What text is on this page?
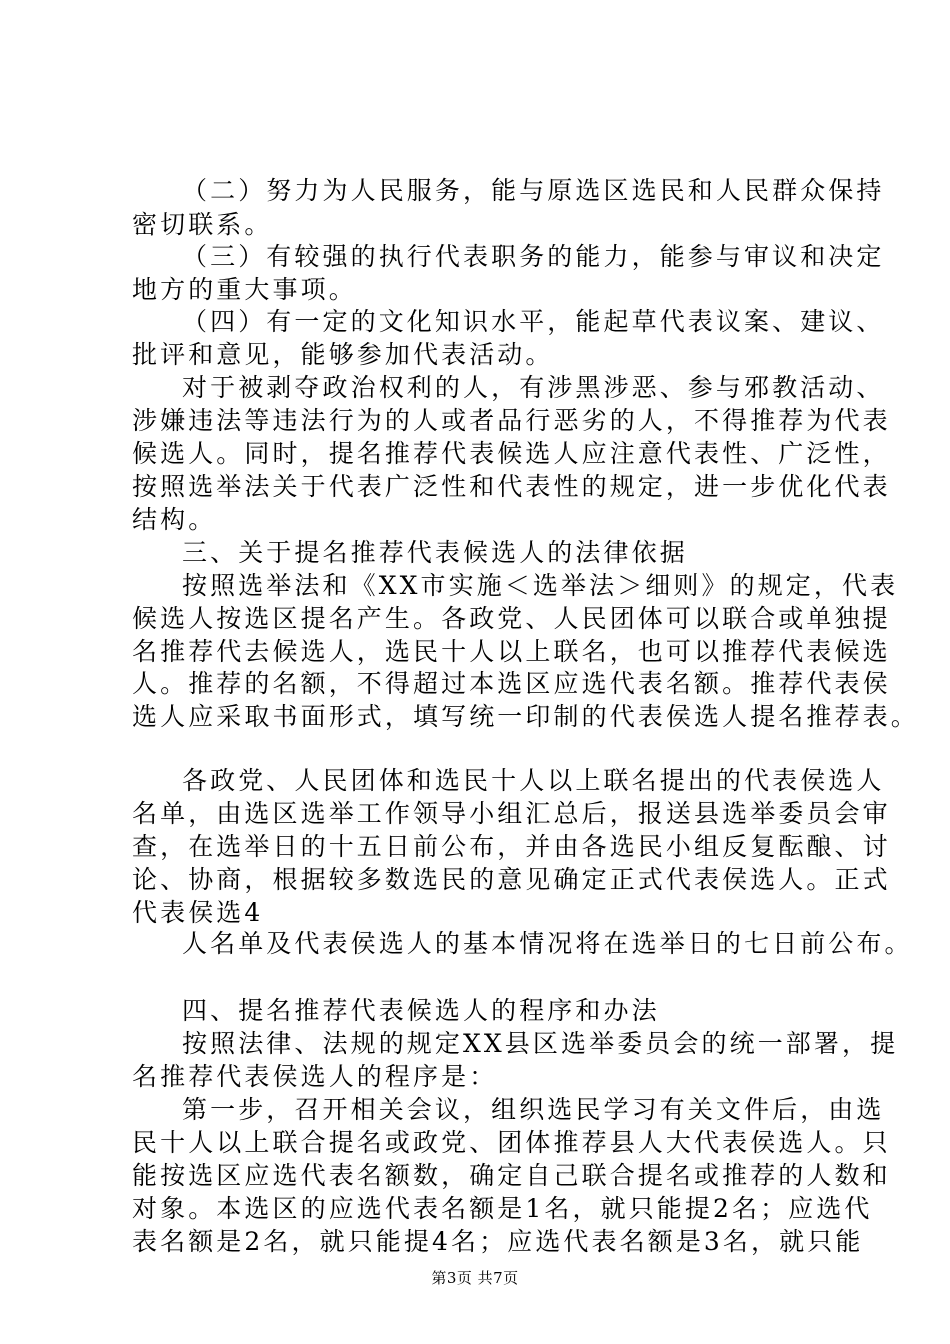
（二）努力为人民服务，能与原选区选民和人民群众保持
密切联系。
（三）有较强的执行代表职务的能力，能参与审议和决定
地方的重大事项。
（四）有一定的文化知识水平，能起草代表议案、建议、
批评和意见，能够参加代表活动。
对于被剥夺政治权利的人，有涉黑涉恶、参与邪教活动、
涉嫌违法等违法行为的人或者品行恶劣的人，不得推荐为代表
候选人。同时，提名推荐代表候选人应注意代表性、广泛性，
按照选举法关于代表广泛性和代表性的规定，进一步优化代表
结构。
三、关于提名推荐代表候选人的法律依据
按照选举法和《XX市实施＜选举法＞细则》的规定，代表
候选人按选区提名产生。各政党、人民团体可以联合或单独提
名推荐代去候选人，选民十人以上联名，也可以推荐代表候选
人。推荐的名额，不得超过本选区应选代表名额。推荐代表侯
选人应采取书面形式，填写统一印制的代表侯选人提名推荐表。
各政党、人民团体和选民十人以上联名提出的代表侯选人
名单，由选区选举工作领导小组汇总后，报送县选举委员会审
查，在选举日的十五日前公布，并由各选民小组反复酝酿、讨
论、协商，根据较多数选民的意见确定正式代表侯选人。正式
代表侯选4
人名单及代表侯选人的基本情况将在选举日的七日前公布。
四、提名推荐代表候选人的程序和办法
按照法律、法规的规定XX县区选举委员会的统一部署，提
名推荐代表侯选人的程序是：
第一步，召开相关会议，组织选民学习有关文件后，由选
民十人以上联合提名或政党、团体推荐县人大代表侯选人。只
能按选区应选代表名额数，确定自己联合提名或推荐的人数和
对象。本选区的应选代表名额是1名，就只能提2名；应选代
表名额是2名，就只能提4名；应选代表名额是3名，就只能
第3页 共7页
